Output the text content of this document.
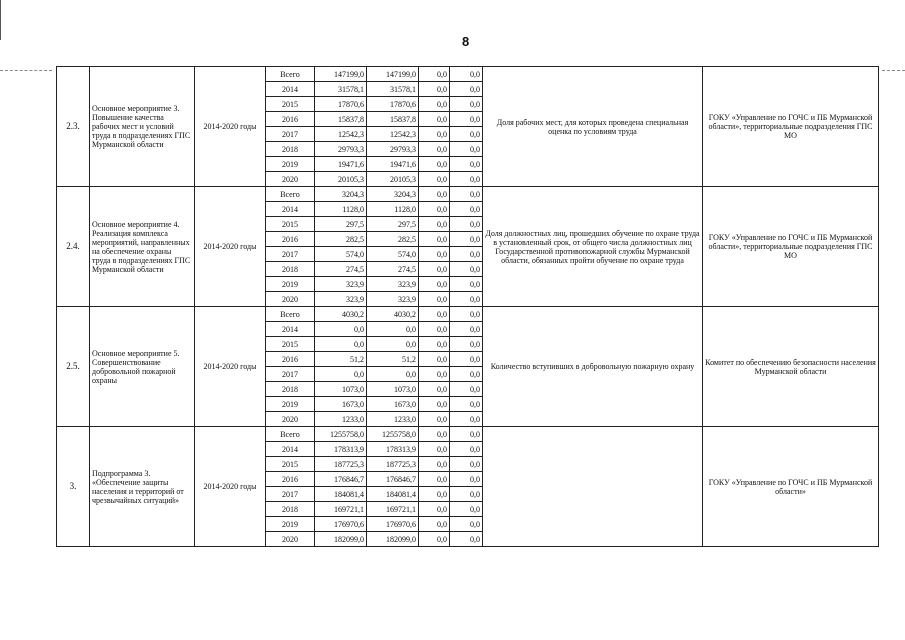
8
2.3.	Основное мероприятие 3. Повышение качества рабочих мест и условий труда в подразделениях ГПС Мурманской области	2014-2020 годы	Всего	147199,0	147199,0	0,0	0,0	Доля рабочих мест, для которых проведена специальная оценка по условиям труда	ГОКУ «Управление по ГОЧС и ПБ Мурманской области», территориальные подразделения ГПС МО
			2014	31578,1	31578,1	0,0	0,0		
			2015	17870,6	17870,6	0,0	0,0		
			2016	15837,8	15837,8	0,0	0,0		
			2017	12542,3	12542,3	0,0	0,0		
			2018	29793,3	29793,3	0,0	0,0		
			2019	19471,6	19471,6	0,0	0,0		
			2020	20105,3	20105,3	0,0	0,0		
2.4.	Основное мероприятие 4. Реализация комплекса мероприятий, направленных на обеспечение охраны труда в подразделениях ГПС Мурманской области	2014-2020 годы	Всего	3204,3	3204,3	0,0	0,0	Доля должностных лиц, прошедших обучение по охране труда в установленный срок, от общего числа должностных лиц Государственной противопожарной службы Мурманской области, обязанных пройти обучение по охране труда	ГОКУ «Управление по ГОЧС и ПБ Мурманской области», территориальные подразделения ГПС МО
			2014	1128,0	1128,0	0,0	0,0		
			2015	297,5	297,5	0,0	0,0		
			2016	282,5	282,5	0,0	0,0		
			2017	574,0	574,0	0,0	0,0		
			2018	274,5	274,5	0,0	0,0		
			2019	323,9	323,9	0,0	0,0		
			2020	323,9	323,9	0,0	0,0		
2.5.	Основное мероприятие 5. Совершенствование добровольной пожарной охраны	2014-2020 годы	Всего	4030,2	4030,2	0,0	0,0	Количество вступивших в добровольную пожарную охрану	Комитет по обеспечению безопасности населения Мурманской области
			2014	0,0	0,0	0,0	0,0		
			2015	0,0	0,0	0,0	0,0		
			2016	51,2	51,2	0,0	0,0		
			2017	0,0	0,0	0,0	0,0		
			2018	1073,0	1073,0	0,0	0,0		
			2019	1673,0	1673,0	0,0	0,0		
			2020	1233,0	1233,0	0,0	0,0		
3.	Подпрограмма 3. «Обеспечение защиты населения и территорий от чрезвычайных ситуаций»	2014-2020 годы	Всего	1255758,0	1255758,0	0,0	0,0		ГОКУ «Управление по ГОЧС и ПБ Мурманской области»
			2014	178313,9	178313,9	0,0	0,0		
			2015	187725,3	187725,3	0,0	0,0		
			2016	176846,7	176846,7	0,0	0,0		
			2017	184081,4	184081,4	0,0	0,0		
			2018	169721,1	169721,1	0,0	0,0		
			2019	176970,6	176970,6	0,0	0,0		
			2020	182099,0	182099,0	0,0	0,0		
